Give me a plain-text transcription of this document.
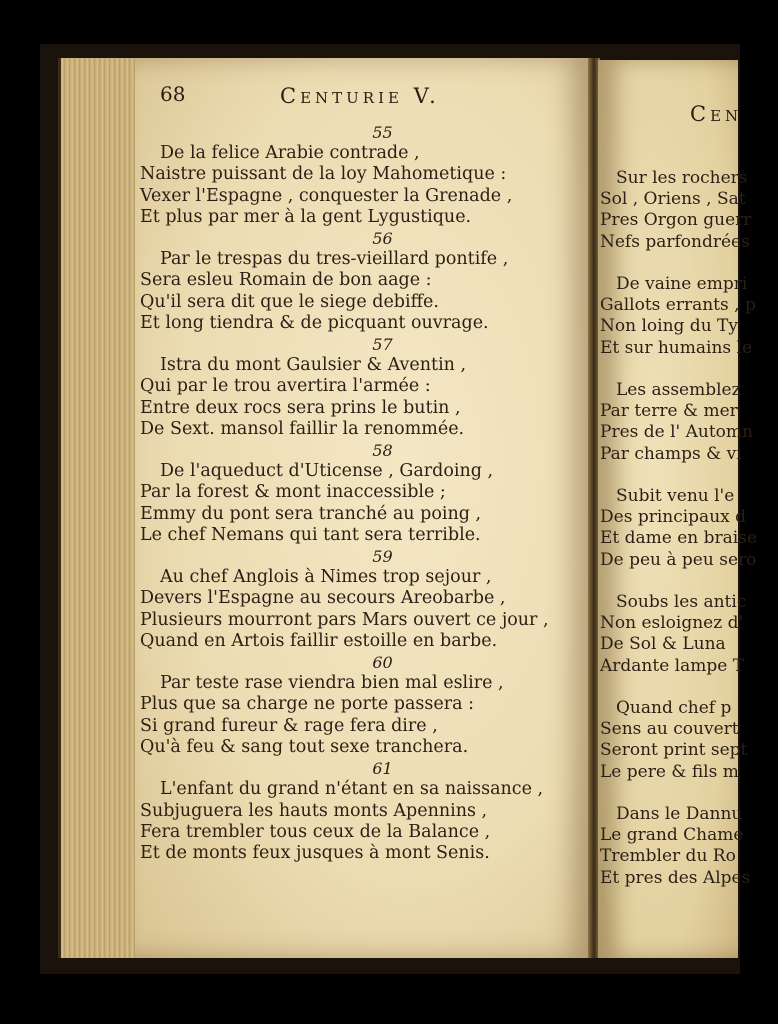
68	Centurie V.
55
De la felice Arabie contrade ,
Naistre puissant de la loy Mahometique :
Vexer l'Espagne , conquester la Grenade ,
Et plus par mer à la gent Lygustique.
56
Par le trespas du tres-vieillard pontife ,
Sera esleu Romain de bon aage :
Qu'il sera dit que le siege debiffe.
Et long tiendra & de picquant ouvrage.
57
Istra du mont Gaulsier & Aventin ,
Qui par le trou avertira l'armée :
Entre deux rocs sera prins le butin ,
De Sext. mansol faillir la renommée.
58
De l'aqueduct d'Uticense , Gardoing ,
Par la forest & mont inaccessible ;
Emmy du pont sera tranché au poing ,
Le chef Nemans qui tant sera terrible.
59
Au chef Anglois à Nimes trop sejour ,
Devers l'Espagne au secours Areobarbe ,
Plusieurs mourront pars Mars ouvert ce jour ,
Quand en Artois faillir estoille en barbe.
60
Par teste rase viendra bien mal eslire ,
Plus que sa charge ne porte passera :
Si grand fureur & rage fera dire ,
Qu'à feu & sang tout sexe tranchera.
61
L'enfant du grand n'étant en sa naissance ,
Subjuguera les hauts monts Apennins ,
Fera trembler tous ceux de la Balance ,
Et de monts feux jusques à mont Senis.
Cen
Sur les rochers
Sol , Oriens , Sat
Pres Orgon guerr
Nefs parfondrées
De vaine empri
Gallots errants , p
Non loing du Ty
Et sur humains le
Les assemblez
Par terre & mer
Pres de l' Automn
Par champs & vi
Subit venu l'e
Des principaux d
Et dame en braise
De peu à peu sero
Soubs les antic
Non esloignez d'
De Sol & Luna
Ardante lampe T
Quand chef p
Sens au couvert
Seront print sept
Le pere & fils m
Dans le Dannu
Le grand Chame
Trembler du Ro
Et pres des Alpes
